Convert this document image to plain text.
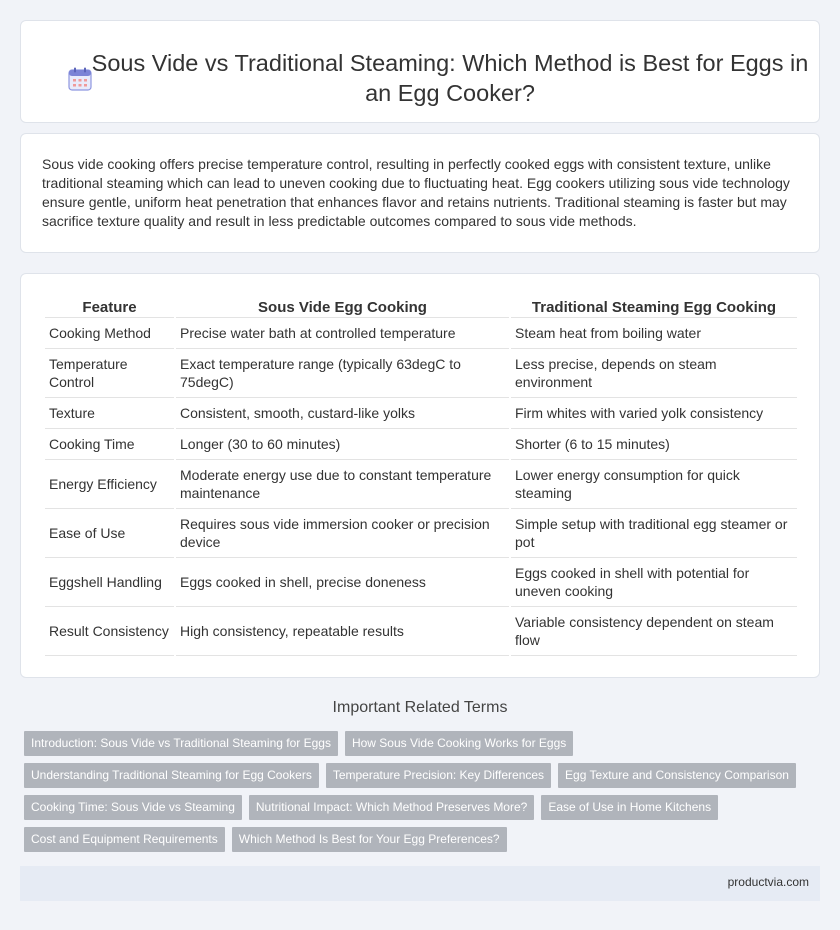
Sous Vide vs Traditional Steaming: Which Method is Best for Eggs in an Egg Cooker?

Sous vide cooking offers precise temperature control, resulting in perfectly cooked eggs with consistent texture, unlike traditional steaming which can lead to uneven cooking due to fluctuating heat. Egg cookers utilizing sous vide technology ensure gentle, uniform heat penetration that enhances flavor and retains nutrients. Traditional steaming is faster but may sacrifice texture quality and result in less predictable outcomes compared to sous vide methods.

Feature	Sous Vide Egg Cooking	Traditional Steaming Egg Cooking
Cooking Method	Precise water bath at controlled temperature	Steam heat from boiling water
Temperature Control	Exact temperature range (typically 63degC to 75degC)	Less precise, depends on steam environment
Texture	Consistent, smooth, custard-like yolks	Firm whites with varied yolk consistency
Cooking Time	Longer (30 to 60 minutes)	Shorter (6 to 15 minutes)
Energy Efficiency	Moderate energy use due to constant temperature maintenance	Lower energy consumption for quick steaming
Ease of Use	Requires sous vide immersion cooker or precision device	Simple setup with traditional egg steamer or pot
Eggshell Handling	Eggs cooked in shell, precise doneness	Eggs cooked in shell with potential for uneven cooking
Result Consistency	High consistency, repeatable results	Variable consistency dependent on steam flow
Important Related Terms
Introduction: Sous Vide vs Traditional Steaming for Eggs	How Sous Vide Cooking Works for Eggs
Understanding Traditional Steaming for Egg Cookers	Temperature Precision: Key Differences	Egg Texture and Consistency Comparison
Cooking Time: Sous Vide vs Steaming	Nutritional Impact: Which Method Preserves More?	Ease of Use in Home Kitchens
Cost and Equipment Requirements	Which Method Is Best for Your Egg Preferences?
productvia.com
